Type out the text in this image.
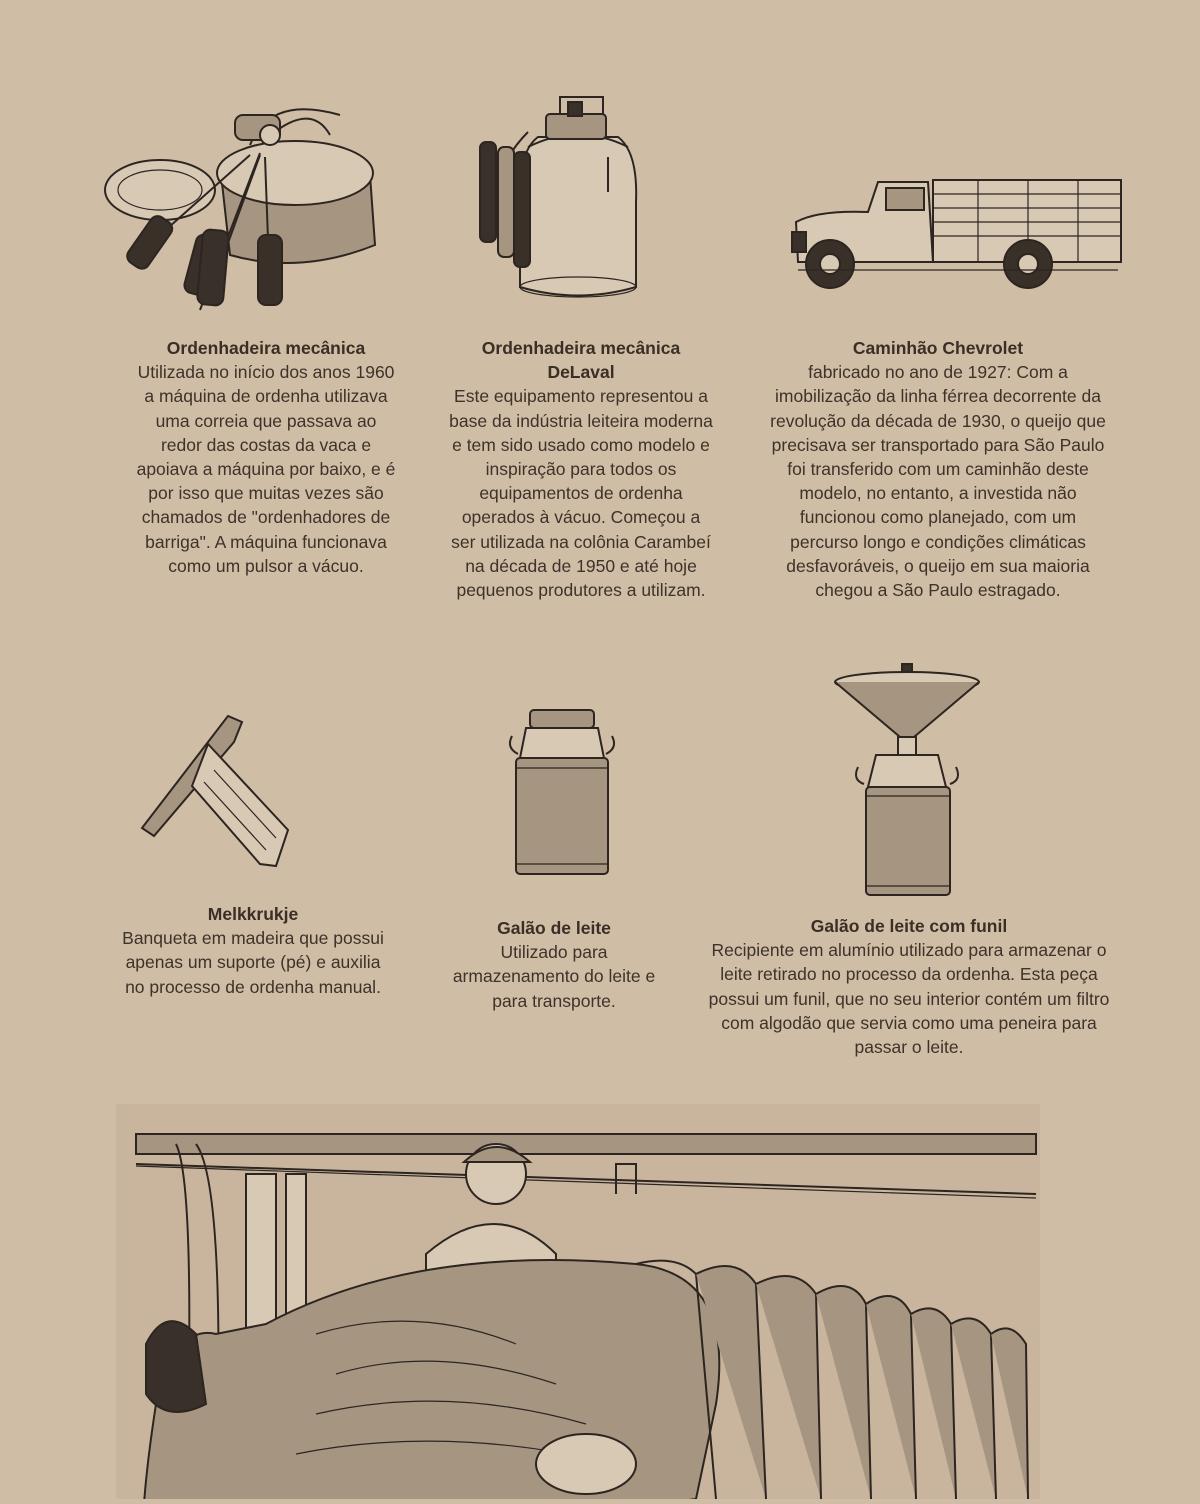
Ordenhadeira mecânica
Utilizada no início dos anos 1960 a máquina de ordenha utilizava uma correia que passava ao redor das costas da vaca e apoiava a máquina por baixo, e é por isso que muitas vezes são chamados de "ordenhadores de barriga". A máquina funcionava como um pulsor a vácuo.
Ordenhadeira mecânica DeLaval
Este equipamento representou a base da indústria leiteira moderna e tem sido usado como modelo e inspiração para todos os equipamentos de ordenha operados à vácuo. Começou a ser utilizada na colônia Carambeí na década de 1950 e até hoje pequenos produtores a utilizam.
Caminhão Chevrolet
fabricado no ano de 1927: Com a imobilização da linha férrea decorrente da revolução da década de 1930, o queijo que precisava ser transportado para São Paulo foi transferido com um caminhão deste modelo, no entanto, a investida não funcionou como planejado, com um percurso longo e condições climáticas desfavoráveis, o queijo em sua maioria chegou a São Paulo estragado.
Melkkrukje
Banqueta em madeira que possui apenas um suporte (pé) e auxilia no processo de ordenha manual.
Galão de leite
Utilizado para armazenamento do leite e para transporte.
Galão de leite com funil
Recipiente em alumínio utilizado para armazenar o leite retirado no processo da ordenha. Esta peça possui um funil, que no seu interior contém um filtro com algodão que servia como uma peneira para passar o leite.
